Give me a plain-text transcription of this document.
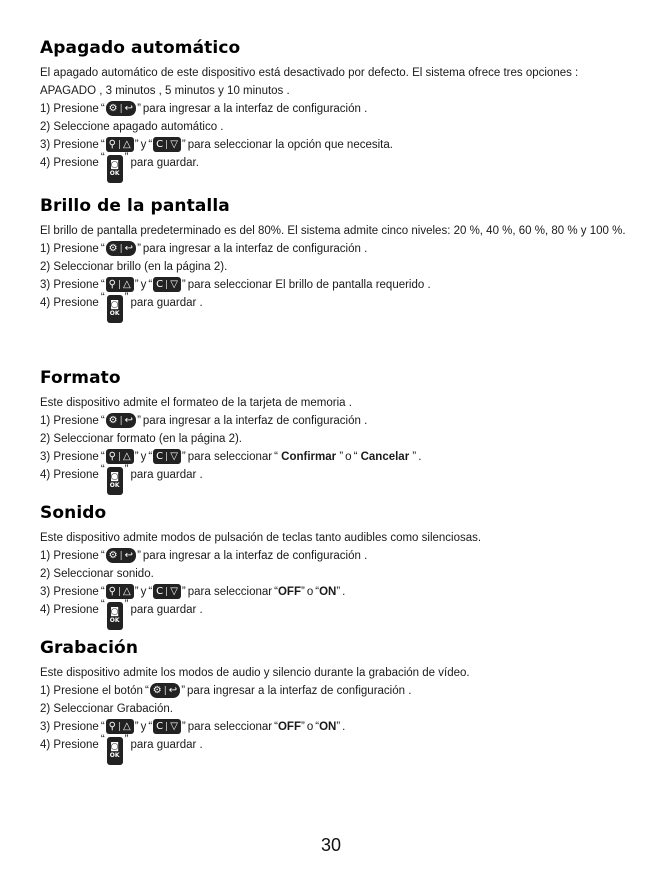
Apagado automático

El apagado automático de este dispositivo está desactivado por defecto. El sistema ofrece tres opciones : APAGADO , 3 minutos , 5 minutos y 10 minutos .

1) Presione “ ⚙ | ↩ ” para ingresar a la interfaz de configuración .
2) Seleccione apagado automático .
3) Presione “ ⚲ | △ ” y “ C | ▽ ” para seleccionar la opción que necesita.
4) Presione “
◙
OK
” para guardar.
Brillo de la pantalla

El brillo de pantalla predeterminado es del 80%. El sistema admite cinco niveles: 20 %, 40 %, 60 %, 80 % y 100 %.

1) Presione “ ⚙ | ↩ ” para ingresar a la interfaz de configuración .
2) Seleccionar brillo (en la página 2).
3) Presione “ ⚲ | △ ” y “ C | ▽ ” para seleccionar El brillo de pantalla requerido .
4) Presione “
◙
OK
” para guardar .
Formato

Este dispositivo admite el formateo de la tarjeta de memoria .

1) Presione “ ⚙ | ↩ ” para ingresar a la interfaz de configuración .
2) Seleccionar formato (en la página 2).
3) Presione “ ⚲ | △ ” y “ C | ▽ ” para seleccionar “ Confirmar ” o “ Cancelar ” .
4) Presione “
◙
OK
” para guardar .
Sonido

Este dispositivo admite modos de pulsación de teclas tanto audibles como silenciosas.

1) Presione “ ⚙ | ↩ ” para ingresar a la interfaz de configuración .
2) Seleccionar sonido.
3) Presione “ ⚲ | △ ” y “ C | ▽ ” para seleccionar “OFF” o “ON” .
4) Presione “
◙
OK
” para guardar .
Grabación

Este dispositivo admite los modos de audio y silencio durante la grabación de vídeo.

1) Presione el botón “ ⚙ | ↩ ” para ingresar a la interfaz de configuración .
2) Seleccionar Grabación.
3) Presione “ ⚲ | △ ” y “ C | ▽ ” para seleccionar “OFF” o “ON” .
4) Presione “
◙
OK
” para guardar .
30
